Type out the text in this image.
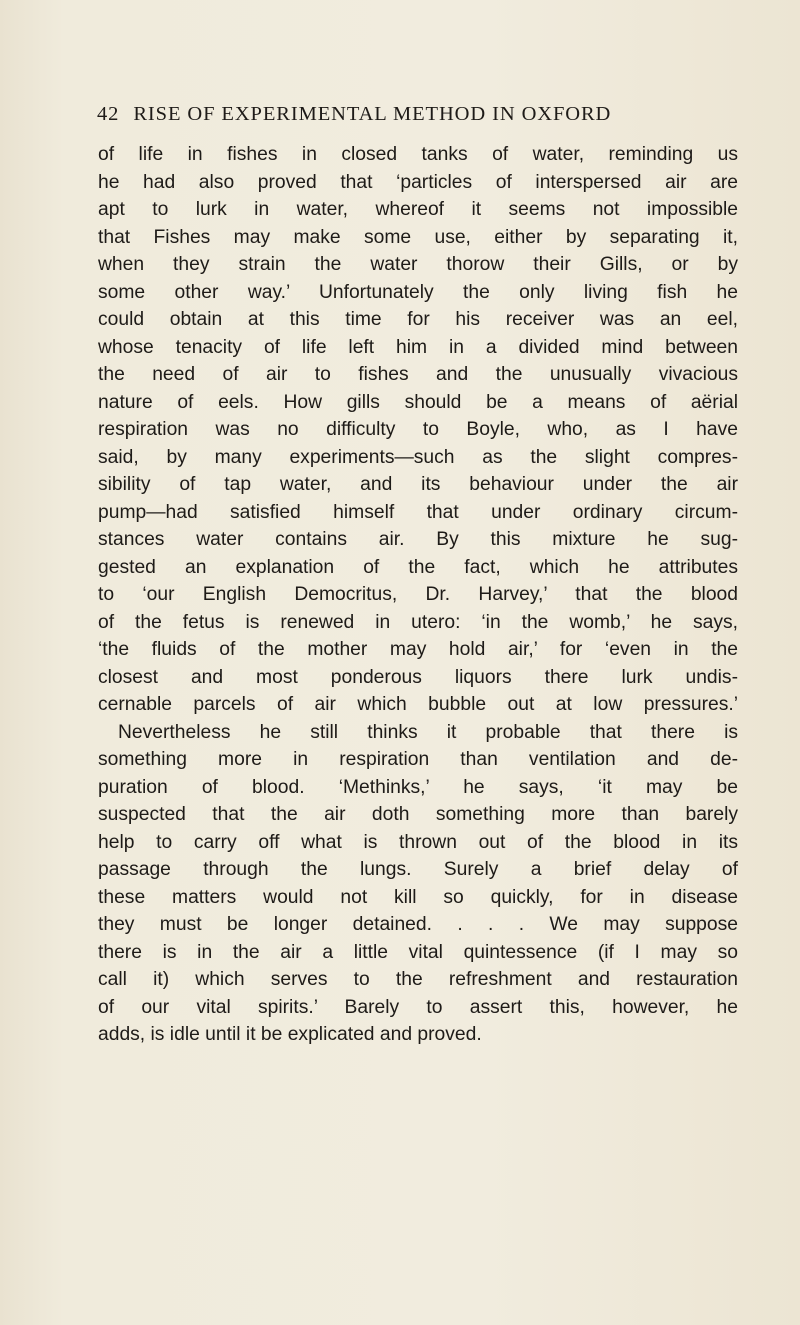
42 RISE OF EXPERIMENTAL METHOD IN OXFORD
of life in fishes in closed tanks of water, reminding us
he had also proved that ‘particles of interspersed air are
apt to lurk in water, whereof it seems not impossible
that Fishes may make some use, either by separating it,
when they strain the water thorow their Gills, or by
some other way.’ Unfortunately the only living fish he
could obtain at this time for his receiver was an eel,
whose tenacity of life left him in a divided mind between
the need of air to fishes and the unusually vivacious
nature of eels. How gills should be a means of aërial
respiration was no difficulty to Boyle, who, as I have
said, by many experiments—such as the slight compres-
sibility of tap water, and its behaviour under the air
pump—had satisfied himself that under ordinary circum-
stances water contains air. By this mixture he sug-
gested an explanation of the fact, which he attributes
to ‘our English Democritus, Dr. Harvey,’ that the blood
of the fetus is renewed in utero: ‘in the womb,’ he says,
‘the fluids of the mother may hold air,’ for ‘even in the
closest and most ponderous liquors there lurk undis-
cernable parcels of air which bubble out at low pressures.’
Nevertheless he still thinks it probable that there is
something more in respiration than ventilation and de-
puration of blood. ‘Methinks,’ he says, ‘it may be
suspected that the air doth something more than barely
help to carry off what is thrown out of the blood in its
passage through the lungs. Surely a brief delay of
these matters would not kill so quickly, for in disease
they must be longer detained. . . . We may suppose
there is in the air a little vital quintessence (if I may so
call it) which serves to the refreshment and restauration
of our vital spirits.’ Barely to assert this, however, he
adds, is idle until it be explicated and proved.
